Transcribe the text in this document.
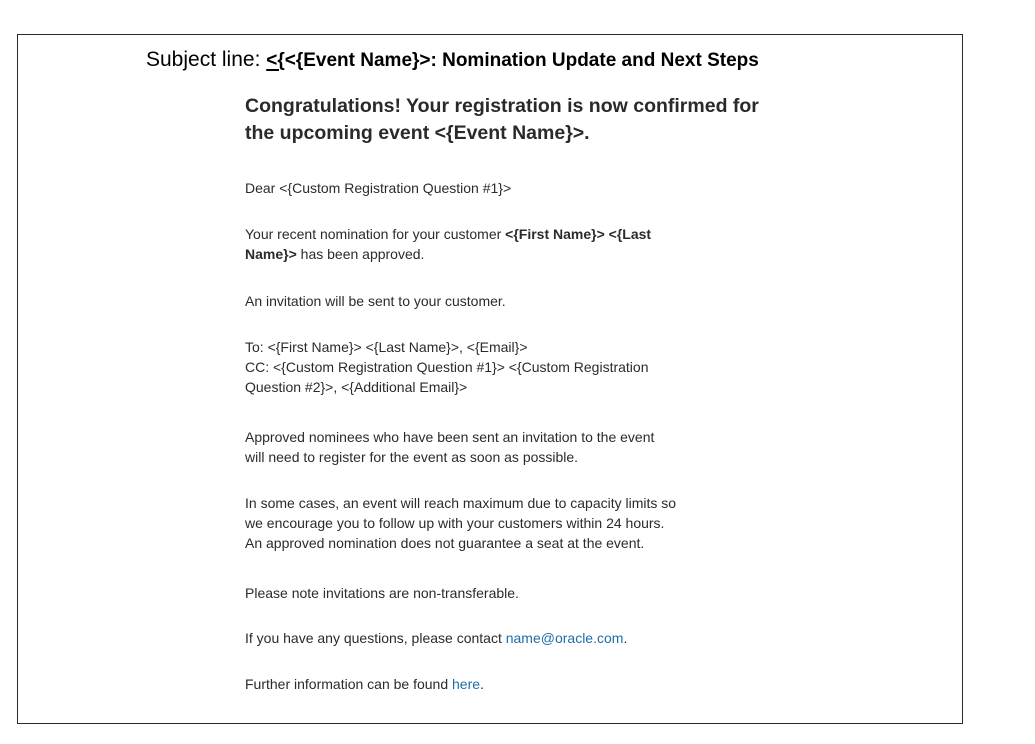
Subject line: <{<{Event Name}>: Nomination Update and Next Steps
Congratulations! Your registration is now confirmed for
the upcoming event <{Event Name}>.
Dear <{Custom Registration Question #1}>
Your recent nomination for your customer <{First Name}> <{Last
Name}> has been approved.
An invitation will be sent to your customer.
To: <{First Name}> <{Last Name}>, <{Email}>
CC: <{Custom Registration Question #1}> <{Custom Registration
Question #2}>, <{Additional Email}>
Approved nominees who have been sent an invitation to the event
will need to register for the event as soon as possible.
In some cases, an event will reach maximum due to capacity limits so
we encourage you to follow up with your customers within 24 hours.
An approved nomination does not guarantee a seat at the event.
Please note invitations are non-transferable.
If you have any questions, please contact name@oracle.com.
Further information can be found here.
